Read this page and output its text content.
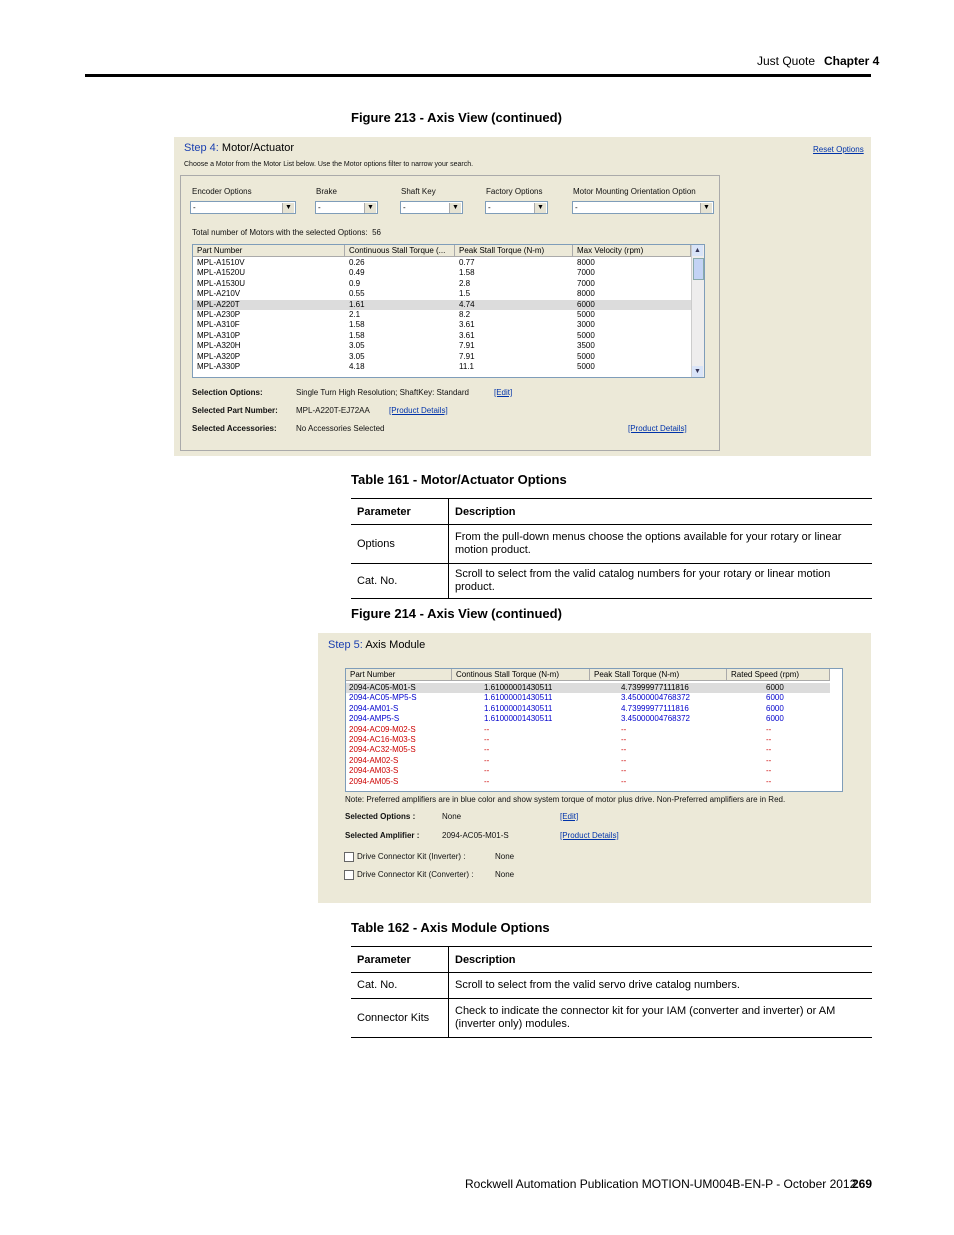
Just Quote Chapter 4
Figure 213 - Axis View (continued)
Step 4: Motor/Actuator	Reset Options
Choose a Motor from the Motor List below. Use the Motor options filter to narrow your search.
Encoder Options	Brake	Shaft Key	Factory Options	Motor Mounting Orientation Option
-	▼	-	▼	-	▼	-	▼	-	▼
Total number of Motors with the selected Options: 56
Part Number	Continuous Stall Torque (...	Peak Stall Torque (N-m)	Max Velocity (rpm)
MPL-A1510V	0.26	0.77	8000
MPL-A1520U	0.49	1.58	7000
MPL-A1530U	0.9	2.8	7000
MPL-A210V	0.55	1.5	8000
MPL-A220T	1.61	4.74	6000
MPL-A230P	2.1	8.2	5000
MPL-A310F	1.58	3.61	3000
MPL-A310P	1.58	3.61	5000
MPL-A320H	3.05	7.91	3500
MPL-A320P	3.05	7.91	5000
MPL-A330P	4.18	11.1	5000
▲
▼
Selection Options:	Single Turn High Resolution; ShaftKey: Standard	[Edit]
Selected Part Number: MPL-A220T-EJ72AA [Product Details]
Selected Accessories: No Accessories Selected	[Product Details]
Table 161 - Motor/Actuator Options
Parameter	Description
Options	From the pull-down menus choose the options available for your rotary or linear motion product.
Cat. No.	Scroll to select from the valid catalog numbers for your rotary or linear motion product.
Figure 214 - Axis View (continued)
Step 5: Axis Module
Part Number	Continous Stall Torque (N-m)	Peak Stall Torque (N-m)	Rated Speed (rpm)
2094-AC05-M01-S	1.61000001430511	4.73999977111816	6000
2094-AC05-MP5-S	1.61000001430511	3.45000004768372	6000
2094-AM01-S	1.61000001430511	4.73999977111816	6000
2094-AMP5-S	1.61000001430511	3.45000004768372	6000
2094-AC09-M02-S	--	--	--
2094-AC16-M03-S	--	--	--
2094-AC32-M05-S	--	--	--
2094-AM02-S	--	--	--
2094-AM03-S	--	--	--
2094-AM05-S	--	--	--
Note: Preferred amplifiers are in blue color and show system torque of motor plus drive. Non-Preferred amplifiers are in Red.
Selected Options :	None	[Edit]
Selected Amplifier :	2094-AC05-M01-S	[Product Details]
Drive Connector Kit (Inverter) :	None
Drive Connector Kit (Converter) :	None
Table 162 - Axis Module Options
Parameter	Description
Cat. No.	Scroll to select from the valid servo drive catalog numbers.
Connector Kits	Check to indicate the connector kit for your IAM (converter and inverter) or AM (inverter only) modules.
Rockwell Automation Publication MOTION-UM004B-EN-P - October 2012
269
